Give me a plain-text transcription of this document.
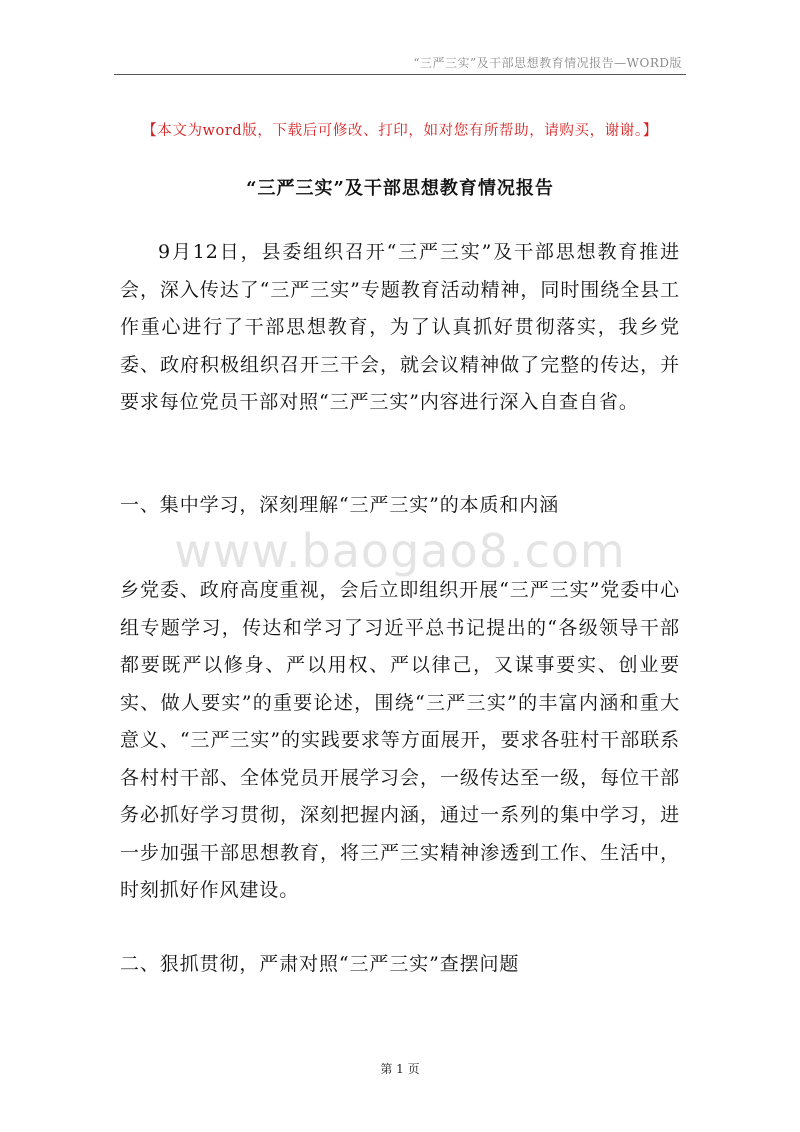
“三严三实”及干部思想教育情况报告—WORD版
【本文为word版，下载后可修改、打印，如对您有所帮助，请购买，谢谢。】
“三严三实”及干部思想教育情况报告

9月12日，县委组织召开“三严三实”及干部思想教育推进会，深入传达了“三严三实”专题教育活动精神，同时围绕全县工作重心进行了干部思想教育，为了认真抓好贯彻落实，我乡党委、政府积极组织召开三干会，就会议精神做了完整的传达，并要求每位党员干部对照“三严三实”内容进行深入自查自省。

一、集中学习，深刻理解“三严三实”的本质和内涵

www.baogao8.com

乡党委、政府高度重视，会后立即组织开展“三严三实”党委中心组专题学习，传达和学习了习近平总书记提出的“各级领导干部都要既严以修身、严以用权、严以律己，又谋事要实、创业要实、做人要实”的重要论述，围绕“三严三实”的丰富内涵和重大意义、“三严三实”的实践要求等方面展开，要求各驻村干部联系各村村干部、全体党员开展学习会，一级传达至一级，每位干部务必抓好学习贯彻，深刻把握内涵，通过一系列的集中学习，进一步加强干部思想教育，将三严三实精神渗透到工作、生活中，时刻抓好作风建设。

二、狠抓贯彻，严肃对照“三严三实”查摆问题

第 1 页
